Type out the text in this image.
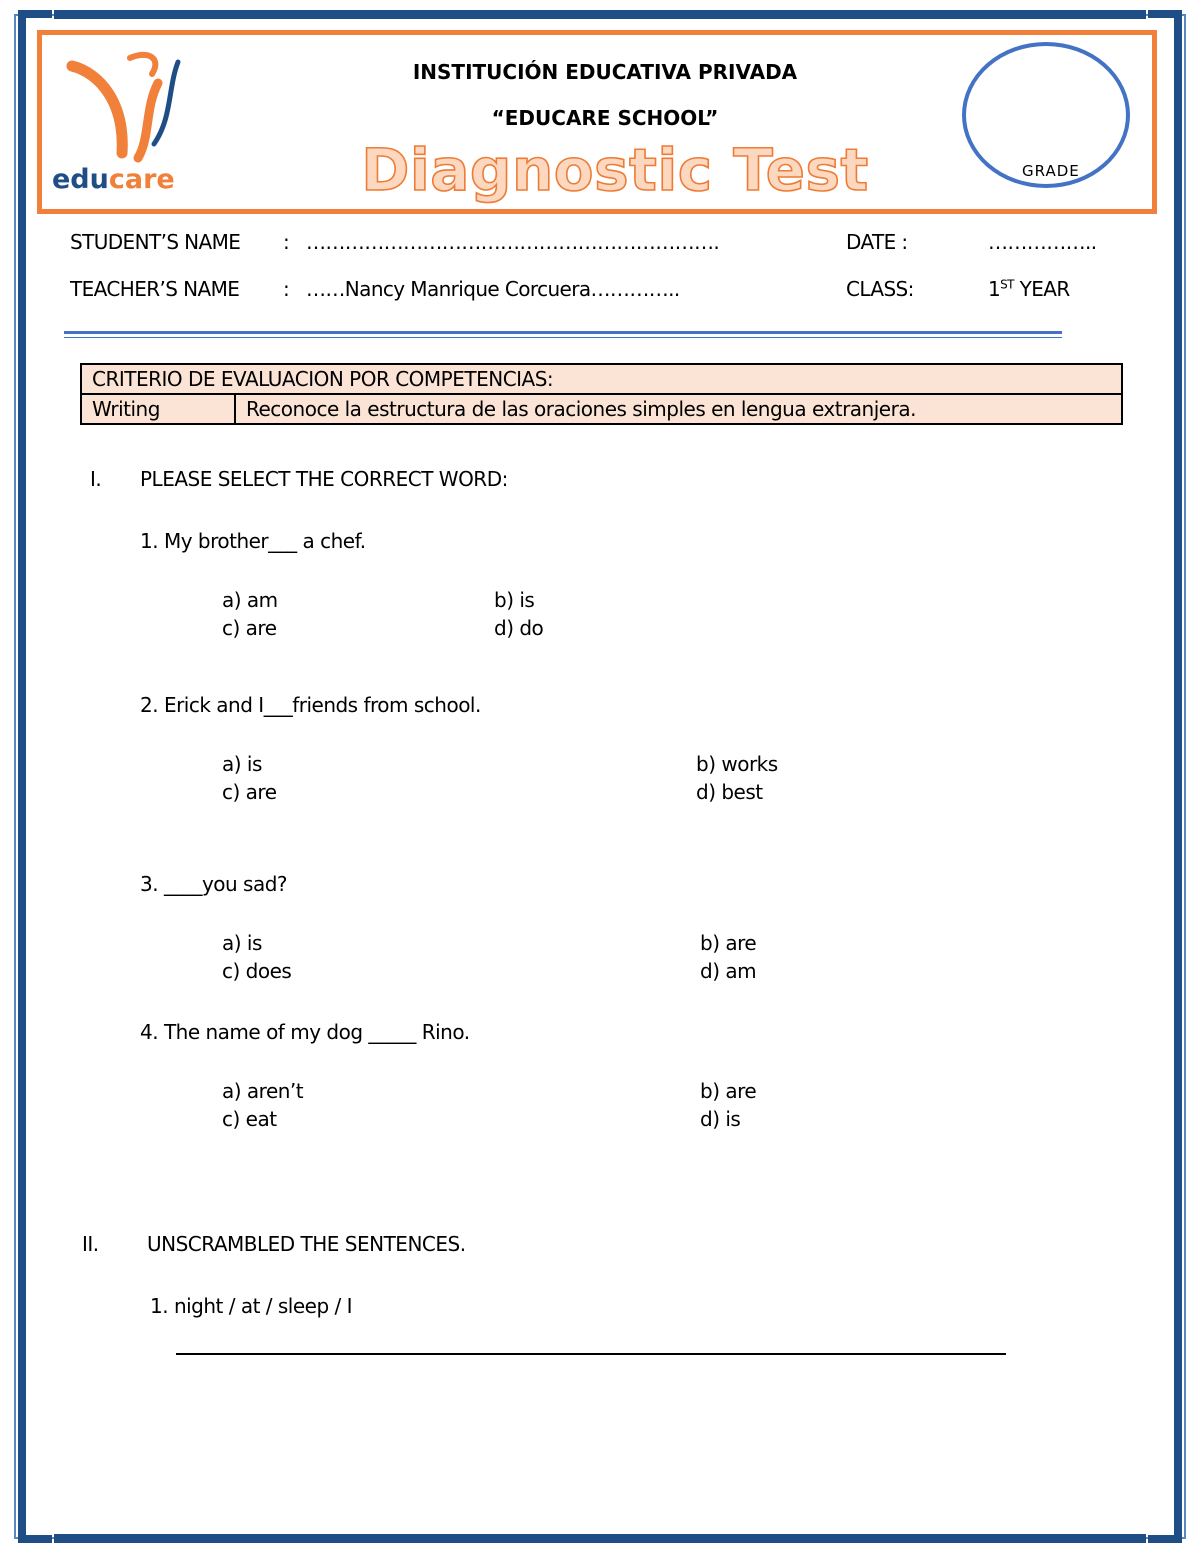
educare
INSTITUCIÓN EDUCATIVA PRIVADA
“EDUCARE SCHOOL”
Diagnostic Test	GRADE
STUDENT’S NAME : ……………………………………………………….	DATE :	……………..
TEACHER’S NAME : ……Nancy Manrique Corcuera…………..	CLASS:	1ST YEAR
CRITERIO DE EVALUACION POR COMPETENCIAS:
Writing	Reconoce la estructura de las oraciones simples en lengua extranjera.
I. PLEASE SELECT THE CORRECT WORD:
1. My brother___ a chef.
a) am	b) is
c) are	d) do
2. Erick and I___friends from school.
a) is	b) works
c) are	d) best
3. ____you sad?
a) is	b) are
c) does	d) am
4. The name of my dog _____ Rino.
a) aren’t	b) are
c) eat	d) is
II. UNSCRAMBLED THE SENTENCES.
1. night / at / sleep / I
